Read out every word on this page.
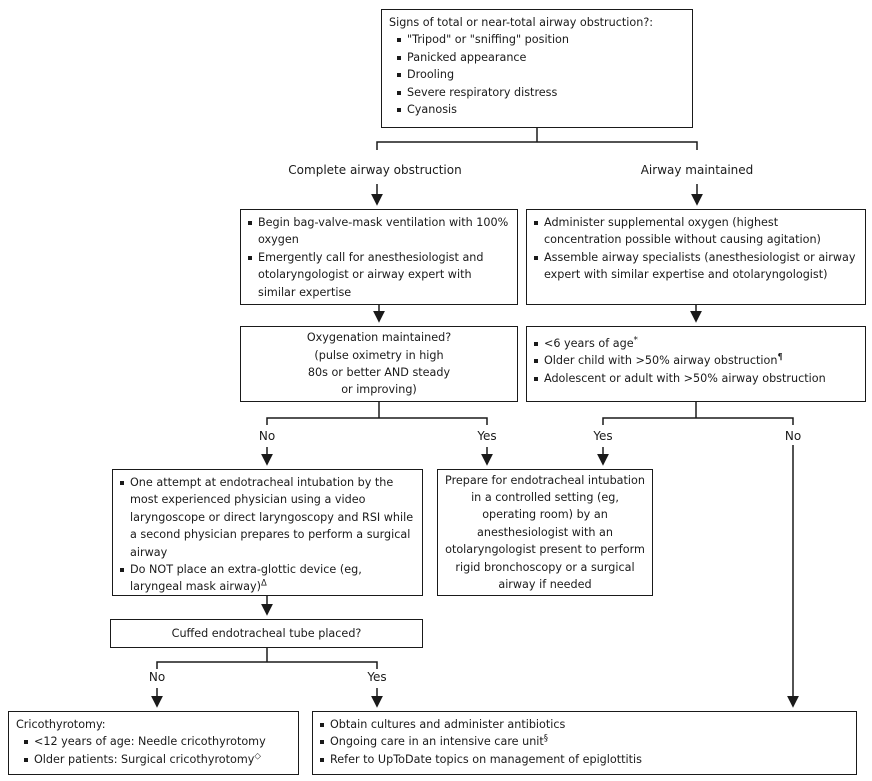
Signs of total or near-total airway obstruction?:
"Tripod" or "sniffing" position
Panicked appearance
Drooling
Severe respiratory distress
Cyanosis
Complete airway obstruction	Airway maintained
Begin bag-valve-mask ventilation with 100% oxygen
Emergently call for anesthesiologist and otolaryngologist or airway expert with similar expertise
Administer supplemental oxygen (highest concentration possible without causing agitation)
Assemble airway specialists (anesthesiologist or airway expert with similar expertise and otolaryngologist)
Oxygenation maintained?
(pulse oximetry in high
80s or better AND steady
or improving)
<6 years of age*
Older child with >50% airway obstruction¶
Adolescent or adult with >50% airway obstruction
No	Yes	Yes	No
One attempt at endotracheal intubation by the most experienced physician using a video laryngoscope or direct laryngoscopy and RSI while a second physician prepares to perform a surgical airway
Do NOT place an extra-glottic device (eg, laryngeal mask airway)$^\Delta$
Prepare for endotracheal intubation in a controlled setting (eg, operating room) by an anesthesiologist with an otolaryngologist present to perform rigid bronchoscopy or a surgical airway if needed
Cuffed endotracheal tube placed?
No	Yes
Cricothyrotomy:
<12 years of age: Needle cricothyrotomy
Older patients: Surgical cricothyrotomy◇
Obtain cultures and administer antibiotics
Ongoing care in an intensive care unit§
Refer to UpToDate topics on management of epiglottitis
